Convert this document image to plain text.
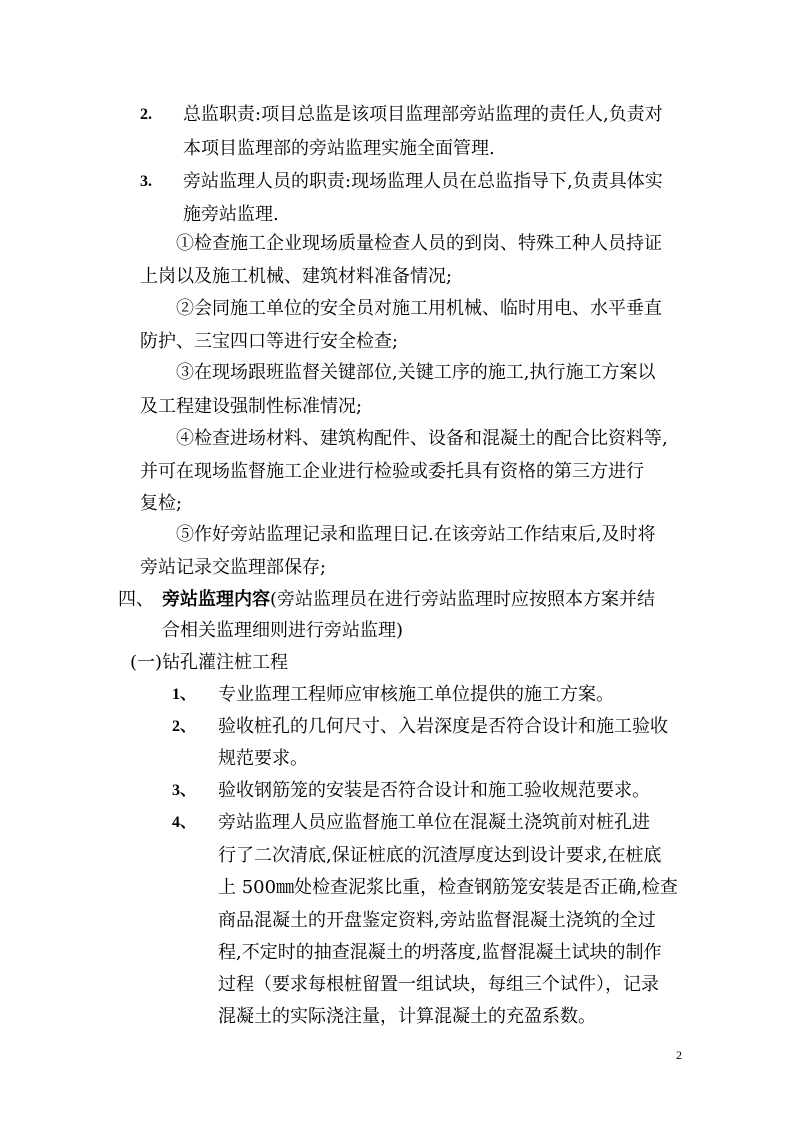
2. 总监职责:项目总监是该项目监理部旁站监理的责任人,负责对

本项目监理部的旁站监理实施全面管理.

3. 旁站监理人员的职责:现场监理人员在总监指导下,负责具体实

施旁站监理.

①检查施工企业现场质量检查人员的到岗、特殊工种人员持证

上岗以及施工机械、建筑材料准备情况;

②会同施工单位的安全员对施工用机械、临时用电、水平垂直

防护、三宝四口等进行安全检查;

③在现场跟班监督关键部位,关键工序的施工,执行施工方案以

及工程建设强制性标准情况;

④检查进场材料、建筑构配件、设备和混凝土的配合比资料等,

并可在现场监督施工企业进行检验或委托具有资格的第三方进行

复检;

⑤作好旁站监理记录和监理日记.在该旁站工作结束后,及时将

旁站记录交监理部保存;

四、 旁站监理内容(旁站监理员在进行旁站监理时应按照本方案并结

合相关监理细则进行旁站监理)

(一)钻孔灌注桩工程

1、 专业监理工程师应审核施工单位提供的施工方案。

2、 验收桩孔的几何尺寸、入岩深度是否符合设计和施工验收

规范要求。

3、 验收钢筋笼的安装是否符合设计和施工验收规范要求。

4、 旁站监理人员应监督施工单位在混凝土浇筑前对桩孔进

行了二次清底,保证桩底的沉渣厚度达到设计要求,在桩底

上 500㎜处检查泥浆比重，检查钢筋笼安装是否正确,检查

商品混凝土的开盘鉴定资料,旁站监督混凝土浇筑的全过

程,不定时的抽查混凝土的坍落度,监督混凝土试块的制作

过程（要求每根桩留置一组试块，每组三个试件），记录

混凝土的实际浇注量，计算混凝土的充盈系数。

2
